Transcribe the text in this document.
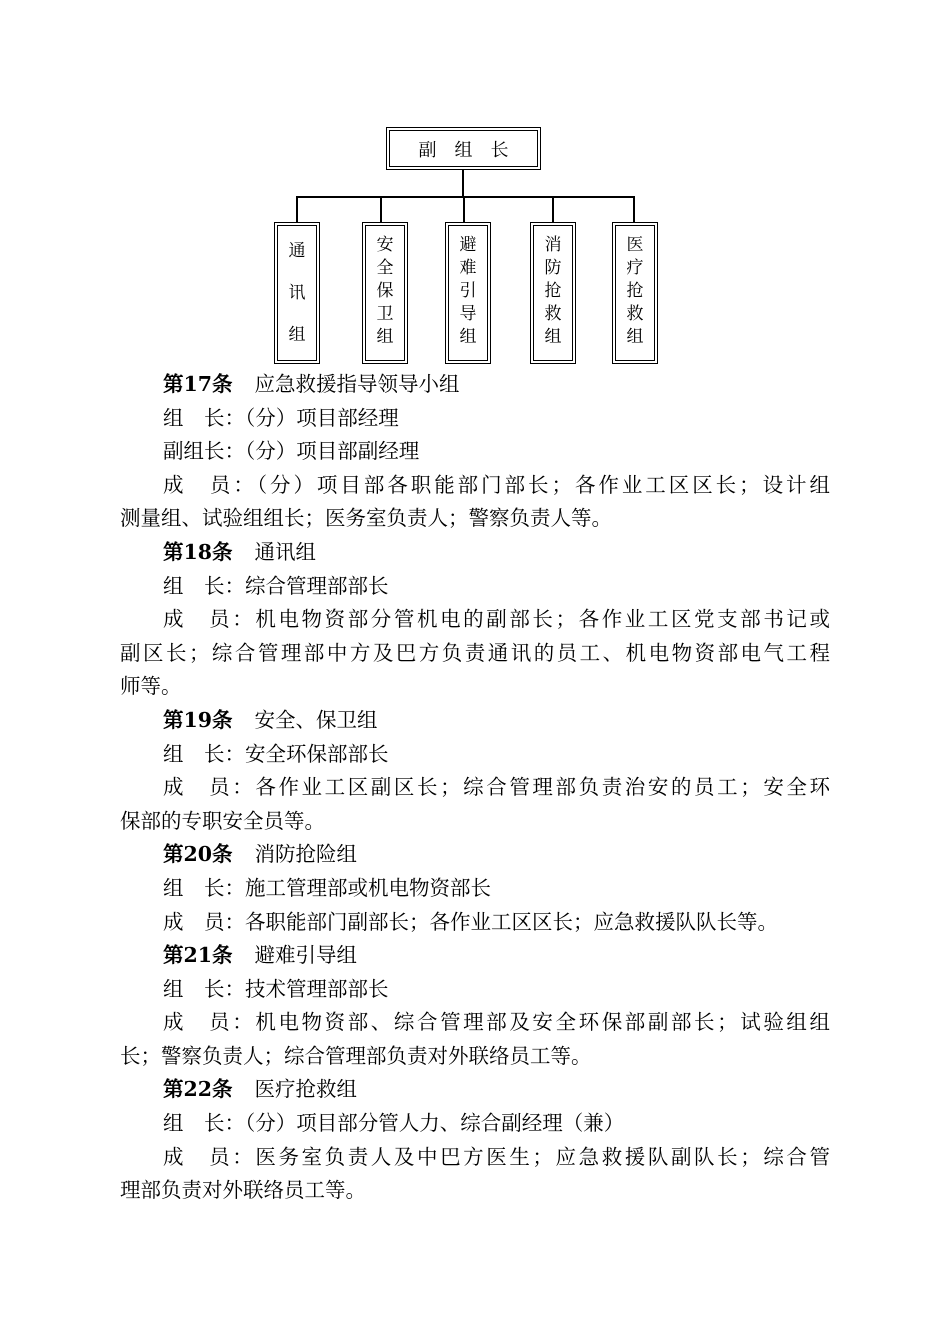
副组长
通
讯
组
安
全
保
卫
组
避
难
引
导
组
消
防
抢
救
组
医
疗
抢
救
组
第17条 应急救援指导领导小组
组　长：（分）项目部经理
副组长：（分）项目部副经理
成　员：（分）项目部各职能部门部长；各作业工区区长；设计组
测量组、试验组组长；医务室负责人；警察负责人等。
第18条 通讯组
组　长：综合管理部部长
成　员：机电物资部分管机电的副部长；各作业工区党支部书记或
副区长；综合管理部中方及巴方负责通讯的员工、机电物资部电气工程
师等。
第19条 安全、保卫组
组　长：安全环保部部长
成　员：各作业工区副区长；综合管理部负责治安的员工；安全环
保部的专职安全员等。
第20条 消防抢险组
组　长：施工管理部或机电物资部长
成　员：各职能部门副部长；各作业工区区长；应急救援队队长等。
第21条 避难引导组
组　长：技术管理部部长
成　员：机电物资部、综合管理部及安全环保部副部长；试验组组
长；警察负责人；综合管理部负责对外联络员工等。
第22条 医疗抢救组
组　长：（分）项目部分管人力、综合副经理（兼）
成　员：医务室负责人及中巴方医生；应急救援队副队长；综合管
理部负责对外联络员工等。
